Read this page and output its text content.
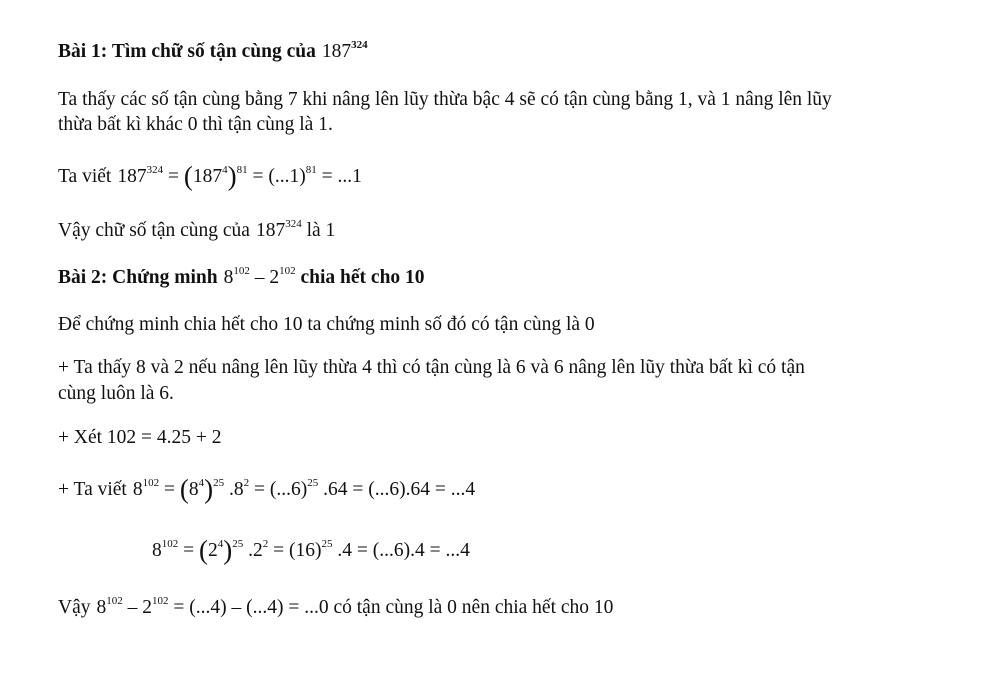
Bài 1: Tìm chữ số tận cùng của $187^{324}$
Ta thấy các số tận cùng bằng 7 khi nâng lên lũy thừa bậc 4 sẽ có tận cùng bằng 1, và 1 nâng lên lũy
thừa bất kì khác 0 thì tận cùng là 1.
Ta viết $187^{324} = (187^4)^{81} = (...1)^{81} = ...1$
Vậy chữ số tận cùng của $187^{324}$ là 1
Bài 2: Chứng minh $8^{102} - 2^{102}$ chia hết cho 10
Để chứng minh chia hết cho 10 ta chứng minh số đó có tận cùng là 0
+ Ta thấy 8 và 2 nếu nâng lên lũy thừa 4 thì có tận cùng là 6 và 6 nâng lên lũy thừa bất kì có tận
cùng luôn là 6.
+ Xét 102 = 4.25 + 2
+ Ta viết $8^{102} = (8^4)^{25}$ $.8^2 = (...6)^{25}$ .64 = (...6).64 = ...4
$8^{102} = (2^4)^{25}$ $.2^2 = (16)^{25}$ .4 = (...6).4 = ...4
Vậy $8^{102} - 2^{102} = (...4) - (...4) = ...0$ có tận cùng là 0 nên chia hết cho 10
